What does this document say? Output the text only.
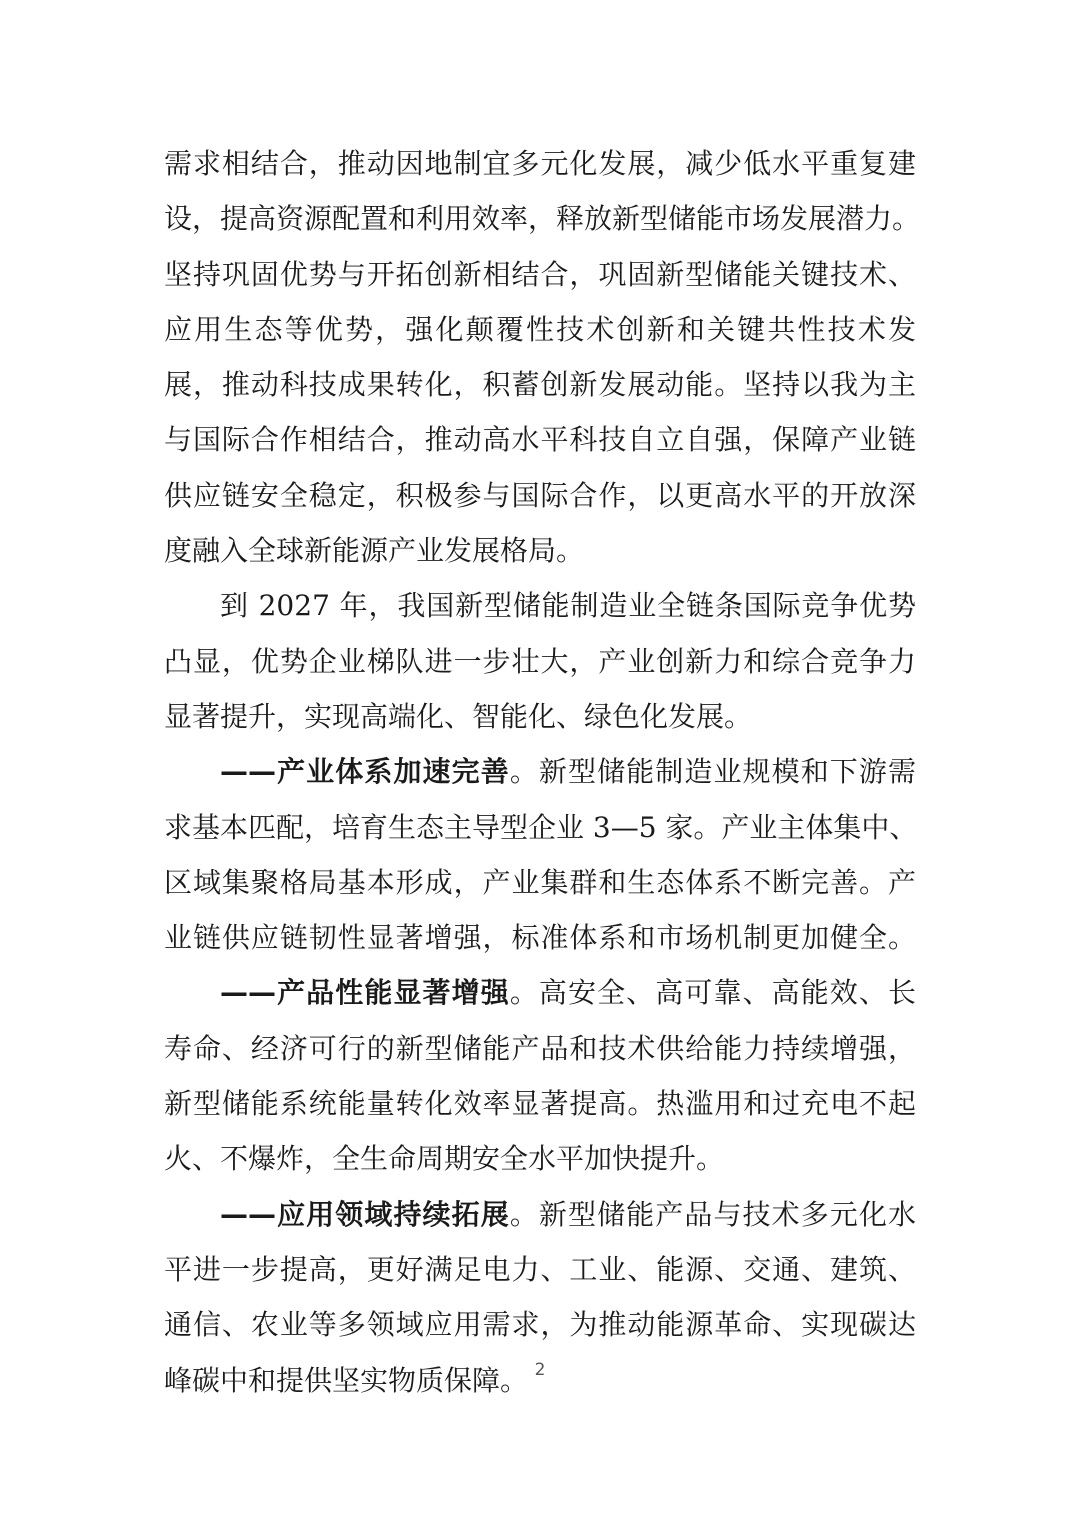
需求相结合，推动因地制宜多元化发展，减少低水平重复建
设，提高资源配置和利用效率，释放新型储能市场发展潜力。
坚持巩固优势与开拓创新相结合，巩固新型储能关键技术、
应用生态等优势，强化颠覆性技术创新和关键共性技术发
展，推动科技成果转化，积蓄创新发展动能。坚持以我为主
与国际合作相结合，推动高水平科技自立自强，保障产业链
供应链安全稳定，积极参与国际合作，以更高水平的开放深
度融入全球新能源产业发展格局。
到 2027 年，我国新型储能制造业全链条国际竞争优势
凸显，优势企业梯队进一步壮大，产业创新力和综合竞争力
显著提升，实现高端化、智能化、绿色化发展。
——产业体系加速完善。新型储能制造业规模和下游需
求基本匹配，培育生态主导型企业 3—5 家。产业主体集中、
区域集聚格局基本形成，产业集群和生态体系不断完善。产
业链供应链韧性显著增强，标准体系和市场机制更加健全。
——产品性能显著增强。高安全、高可靠、高能效、长
寿命、经济可行的新型储能产品和技术供给能力持续增强，
新型储能系统能量转化效率显著提高。热滥用和过充电不起
火、不爆炸，全生命周期安全水平加快提升。
——应用领域持续拓展。新型储能产品与技术多元化水
平进一步提高，更好满足电力、工业、能源、交通、建筑、
通信、农业等多领域应用需求，为推动能源革命、实现碳达
峰碳中和提供坚实物质保障。 2
